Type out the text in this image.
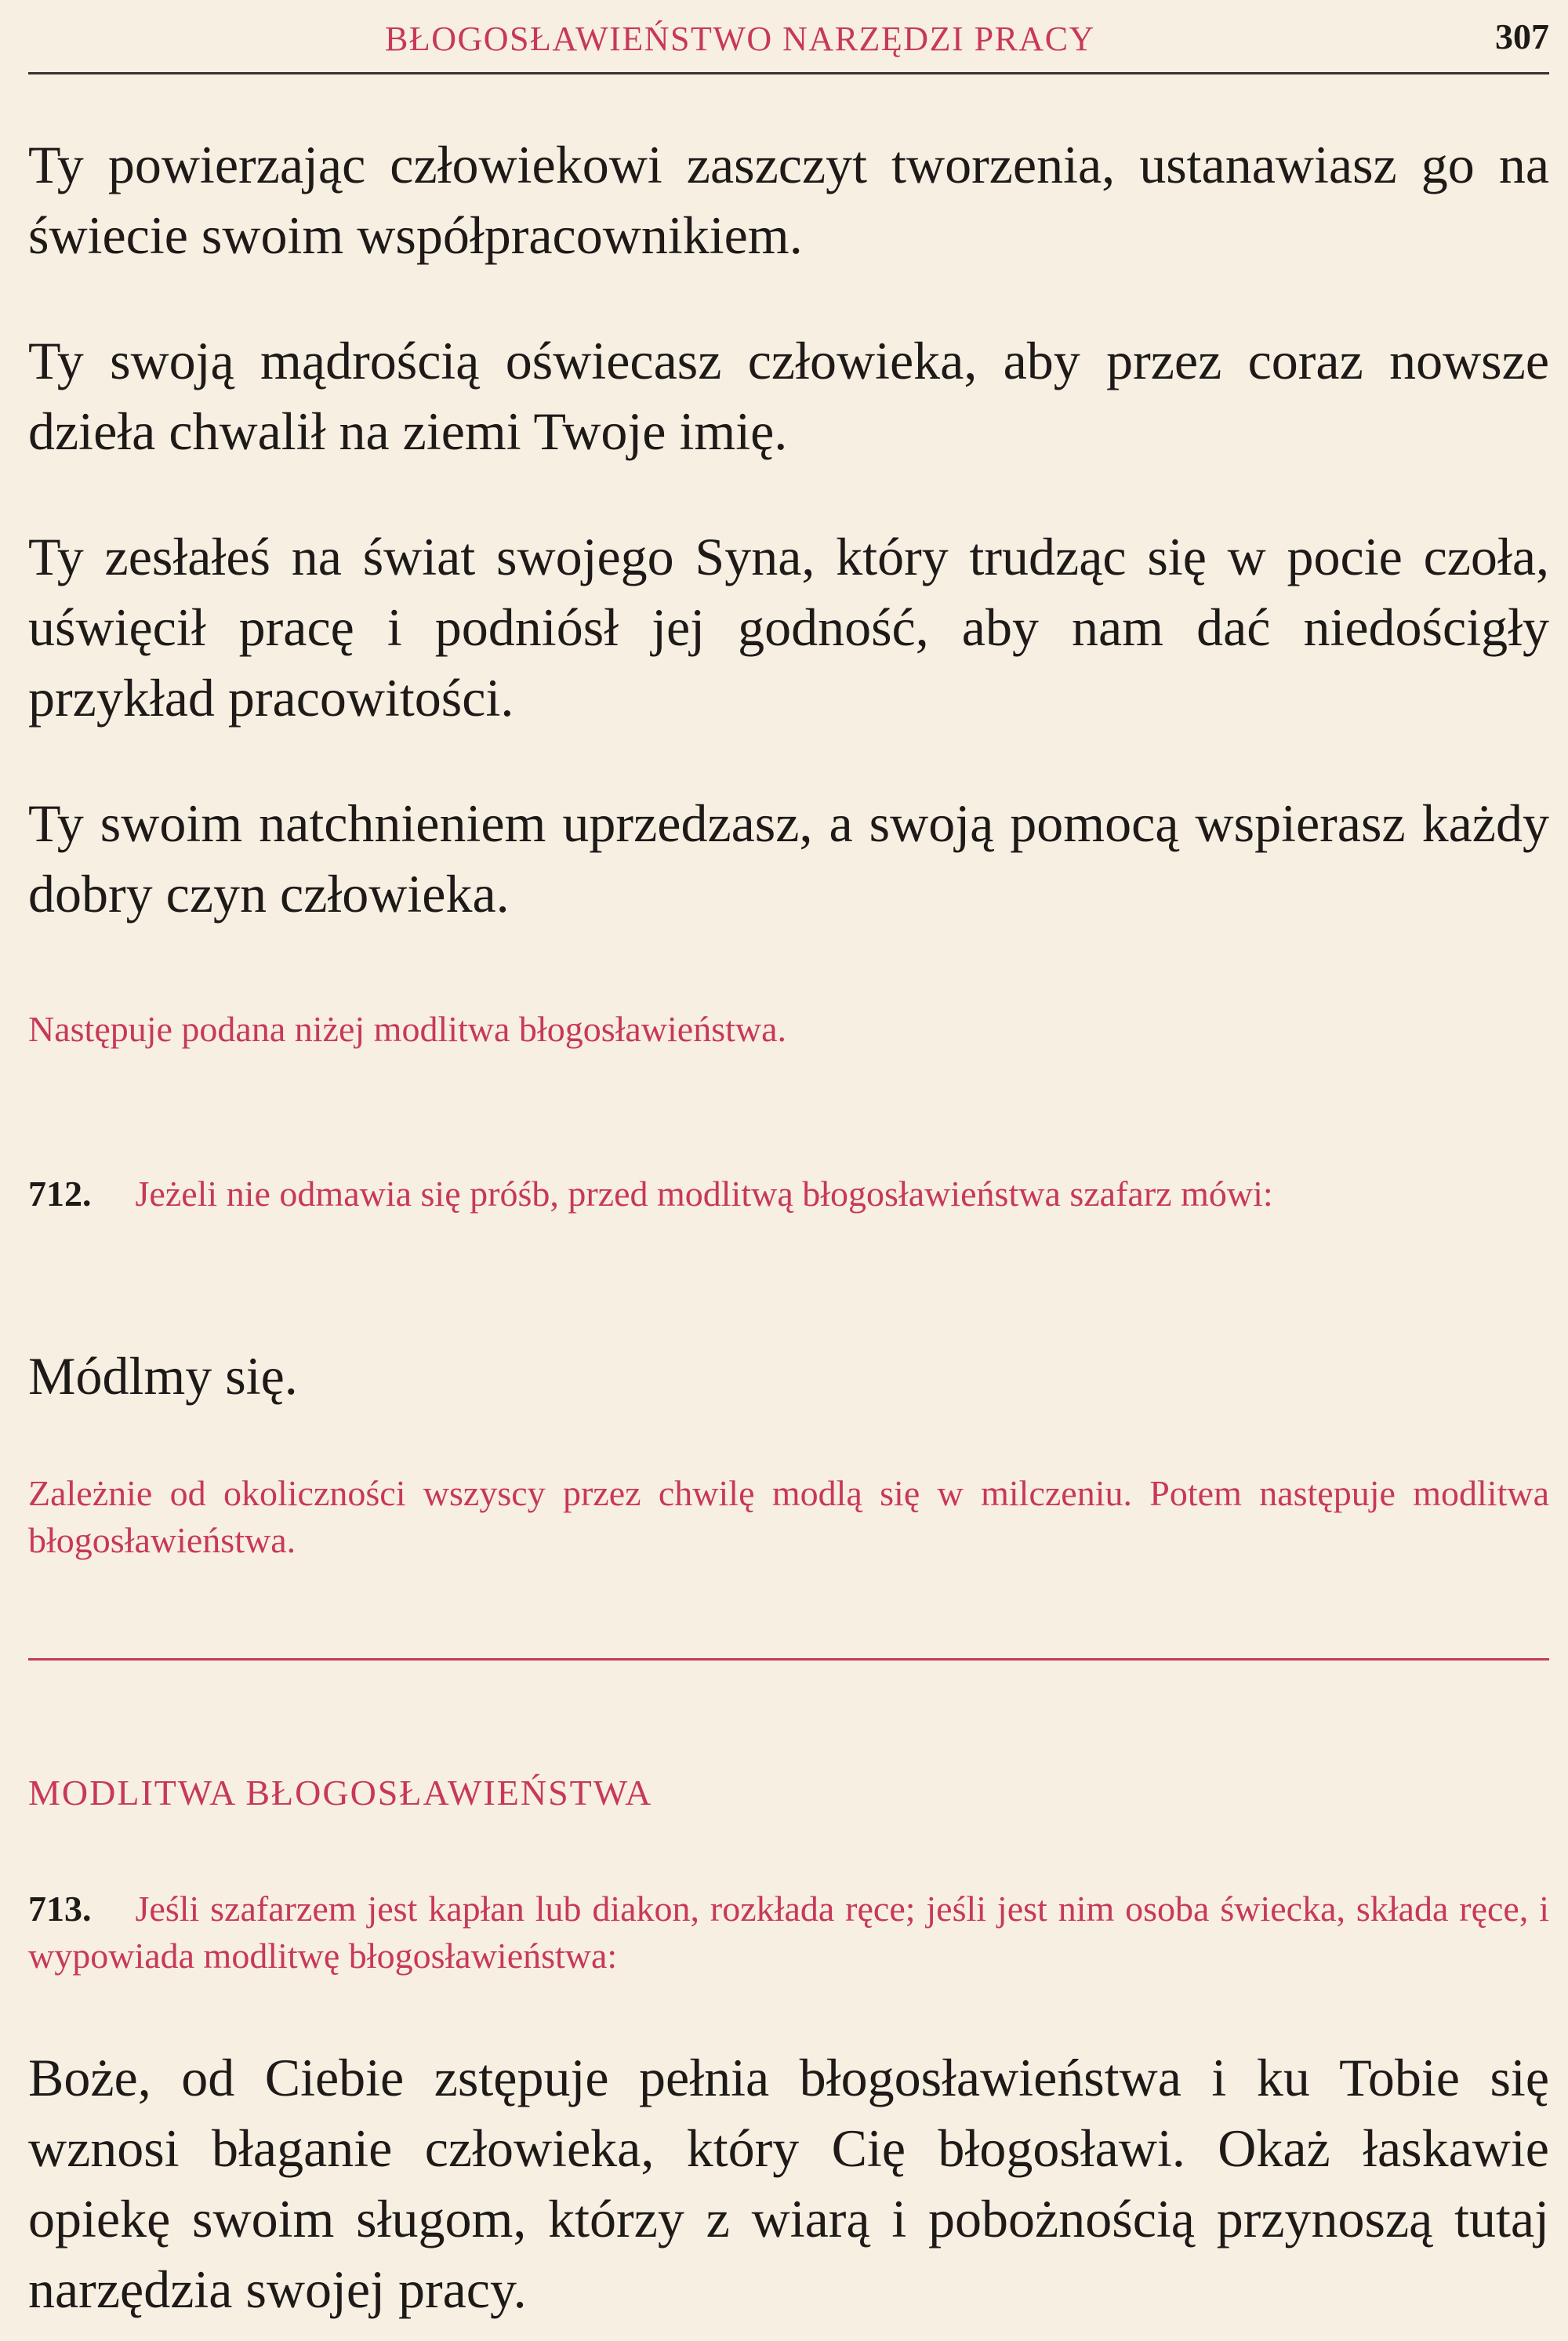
BŁOGOSŁAWIEŃSTWO NARZĘDZI PRACY	307

Ty powierzając człowiekowi zaszczyt tworzenia, ustanawiasz go na świecie swoim współpracownikiem.

Ty swoją mądrością oświecasz człowieka, aby przez coraz nowsze dzieła chwalił na ziemi Twoje imię.

Ty zesłałeś na świat swojego Syna, który trudząc się w pocie czoła, uświęcił pracę i podniósł jej godność, aby nam dać niedościgły przykład pracowitości.

Ty swoim natchnieniem uprzedzasz, a swoją pomocą wspierasz każdy dobry czyn człowieka.

Następuje podana niżej modlitwa błogosławieństwa.

712. Jeżeli nie odmawia się próśb, przed modlitwą błogosławieństwa szafarz mówi:

Módlmy się.

Zależnie od okoliczności wszyscy przez chwilę modlą się w milczeniu. Potem następuje modlitwa błogosławieństwa.

MODLITWA BŁOGOSŁAWIEŃSTWA

713. Jeśli szafarzem jest kapłan lub diakon, rozkłada ręce; jeśli jest nim osoba świecka, składa ręce, i wypowiada modlitwę błogosławieństwa:

Boże, od Ciebie zstępuje pełnia błogosławieństwa i ku Tobie się wznosi błaganie człowieka, który Cię błogosławi. Okaż łaskawie opiekę swoim sługom, którzy z wiarą i pobożnością przynoszą tutaj narzędzia swojej pracy.
